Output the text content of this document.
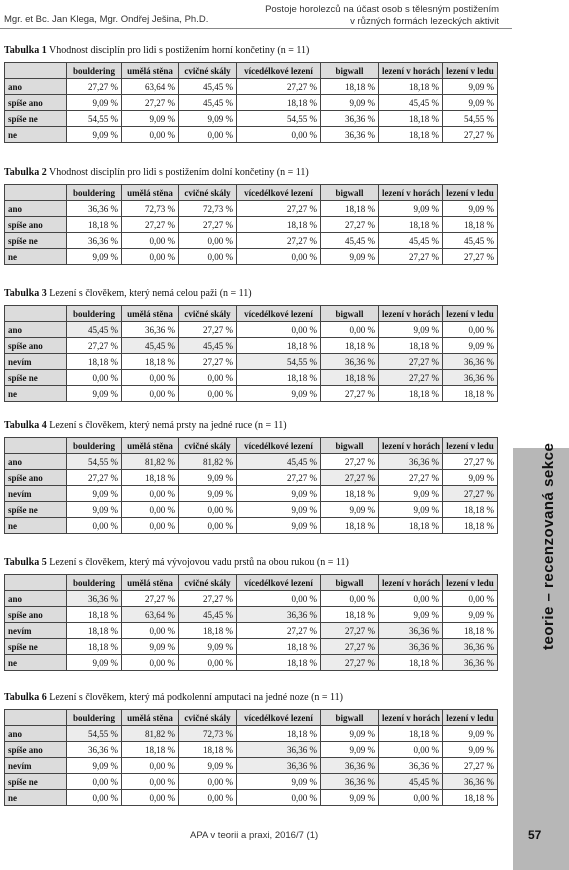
Mgr. et Bc. Jan Klega, Mgr. Ondřej Ješina, Ph.D.
Postoje horolezců na účast osob s tělesným postižením
v různých formách lezeckých aktivit
Tabulka 1 Vhodnost disciplín pro lidi s postižením horní končetiny (n = 11)
	bouldering	umělá stěna	cvičné skály	vícedélkové lezení	bigwall	lezení v horách	lezení v ledu
ano	27,27 %	63,64 %	45,45 %	27,27 %	18,18 %	18,18 %	9,09 %
spíše ano	9,09 %	27,27 %	45,45 %	18,18 %	9,09 %	45,45 %	9,09 %
spíše ne	54,55 %	9,09 %	9,09 %	54,55 %	36,36 %	18,18 %	54,55 %
ne	9,09 %	0,00 %	0,00 %	0,00 %	36,36 %	18,18 %	27,27 %
Tabulka 2 Vhodnost disciplín pro lidi s postižením dolní končetiny (n = 11)
	bouldering	umělá stěna	cvičné skály	vícedélkové lezení	bigwall	lezení v horách	lezení v ledu
ano	36,36 %	72,73 %	72,73 %	27,27 %	18,18 %	9,09 %	9,09 %
spíše ano	18,18 %	27,27 %	27,27 %	18,18 %	27,27 %	18,18 %	18,18 %
spíše ne	36,36 %	0,00 %	0,00 %	27,27 %	45,45 %	45,45 %	45,45 %
ne	9,09 %	0,00 %	0,00 %	0,00 %	9,09 %	27,27 %	27,27 %
Tabulka 3 Lezení s člověkem, který nemá celou paži (n = 11)
	bouldering	umělá stěna	cvičné skály	vícedélkové lezení	bigwall	lezení v horách	lezení v ledu
ano	45,45 %	36,36 %	27,27 %	0,00 %	0,00 %	9,09 %	0,00 %
spíše ano	27,27 %	45,45 %	45,45 %	18,18 %	18,18 %	18,18 %	9,09 %
nevím	18,18 %	18,18 %	27,27 %	54,55 %	36,36 %	27,27 %	36,36 %
spíše ne	0,00 %	0,00 %	0,00 %	18,18 %	18,18 %	27,27 %	36,36 %
ne	9,09 %	0,00 %	0,00 %	9,09 %	27,27 %	18,18 %	18,18 %
Tabulka 4 Lezení s člověkem, který nemá prsty na jedné ruce (n = 11)
	bouldering	umělá stěna	cvičné skály	vícedélkové lezení	bigwall	lezení v horách	lezení v ledu
ano	54,55 %	81,82 %	81,82 %	45,45 %	27,27 %	36,36 %	27,27 %
spíše ano	27,27 %	18,18 %	9,09 %	27,27 %	27,27 %	27,27 %	9,09 %
nevím	9,09 %	0,00 %	9,09 %	9,09 %	18,18 %	9,09 %	27,27 %
spíše ne	9,09 %	0,00 %	0,00 %	9,09 %	9,09 %	9,09 %	18,18 %
ne	0,00 %	0,00 %	0,00 %	9,09 %	18,18 %	18,18 %	18,18 %
Tabulka 5 Lezení s člověkem, který má vývojovou vadu prstů na obou rukou (n = 11)
	bouldering	umělá stěna	cvičné skály	vícedélkové lezení	bigwall	lezení v horách	lezení v ledu
ano	36,36 %	27,27 %	27,27 %	0,00 %	0,00 %	0,00 %	0,00 %
spíše ano	18,18 %	63,64 %	45,45 %	36,36 %	18,18 %	9,09 %	9,09 %
nevím	18,18 %	0,00 %	18,18 %	27,27 %	27,27 %	36,36 %	18,18 %
spíše ne	18,18 %	9,09 %	9,09 %	18,18 %	27,27 %	36,36 %	36,36 %
ne	9,09 %	0,00 %	0,00 %	18,18 %	27,27 %	18,18 %	36,36 %
Tabulka 6 Lezení s člověkem, který má podkolenní amputaci na jedné noze (n = 11)
	bouldering	umělá stěna	cvičné skály	vícedélkové lezení	bigwall	lezení v horách	lezení v ledu
ano	54,55 %	81,82 %	72,73 %	18,18 %	9,09 %	18,18 %	9,09 %
spíše ano	36,36 %	18,18 %	18,18 %	36,36 %	9,09 %	0,00 %	9,09 %
nevím	9,09 %	0,00 %	9,09 %	36,36 %	36,36 %	36,36 %	27,27 %
spíše ne	0,00 %	0,00 %	0,00 %	9,09 %	36,36 %	45,45 %	36,36 %
ne	0,00 %	0,00 %	0,00 %	0,00 %	9,09 %	0,00 %	18,18 %
teorie – recenzovaná sekce
APA v teorii a praxi, 2016/7 (1)	57
